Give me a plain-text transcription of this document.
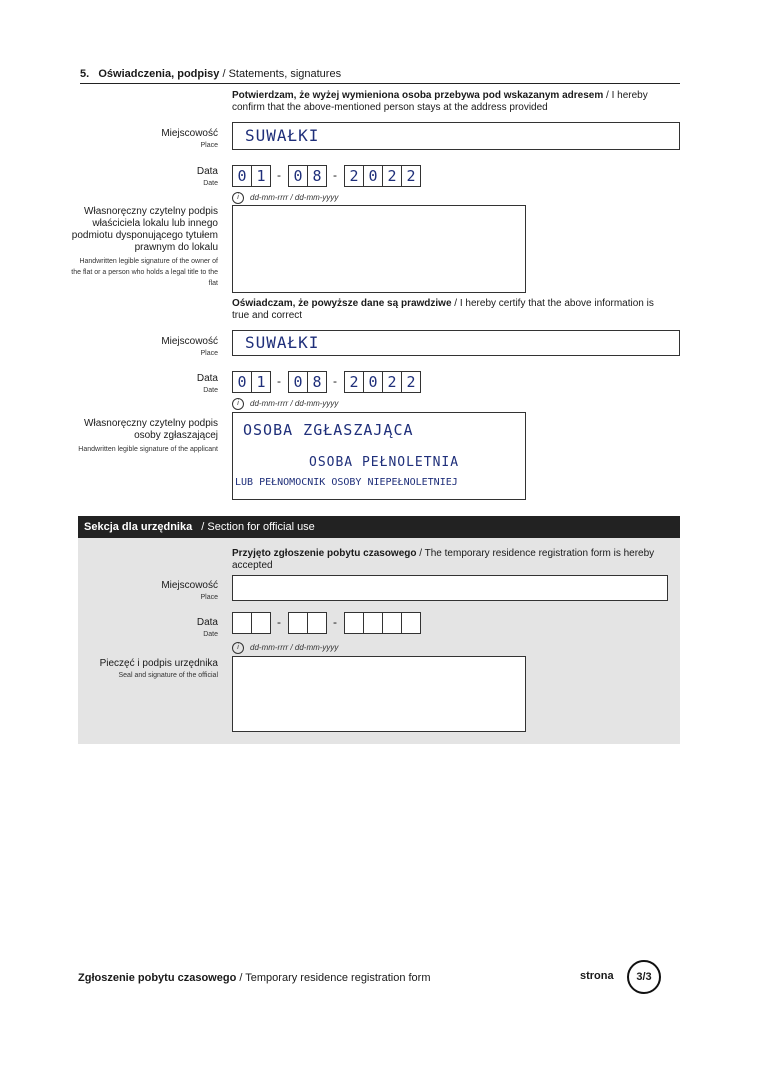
5. Oświadczenia, podpisy / Statements, signatures
Potwierdzam, że wyżej wymieniona osoba przebywa pod wskazanym adresem / I hereby confirm that the above-mentioned person stays at the address provided
Miejscowość
Place
SUWAŁKI
Data
Date	0 1 - 0 8 - 2 0 2 2
i dd-mm-rrrr / dd-mm-yyyy
Własnoręczny czytelny podpis właściciela lokalu lub innego podmiotu dysponującego tytułem prawnym do lokalu
Handwritten legible signature of the owner of the flat or a person who holds a legal title to the flat
Oświadczam, że powyższe dane są prawdziwe / I hereby certify that the above information is true and correct
Miejscowość
Place
SUWAŁKI
Data
Date	0 1 - 0 8 - 2 0 2 2
i dd-mm-rrrr / dd-mm-yyyy
Własnoręczny czytelny podpis osoby zgłaszającej
Handwritten legible signature of the applicant
OSOBA ZGŁASZAJĄCA
OSOBA PEŁNOLETNIA
LUB PEŁNOMOCNIK OSOBY NIEPEŁNOLETNIEJ
Sekcja dla urzędnika / Section for official use
Przyjęto zgłoszenie pobytu czasowego / The temporary residence registration form is hereby accepted
Miejscowość
Place
Data
Date
-	-
i dd-mm-rrrr / dd-mm-yyyy
Pieczęć i podpis urzędnika
Seal and signature of the official
Zgłoszenie pobytu czasowego / Temporary residence registration form	strona	3/3
